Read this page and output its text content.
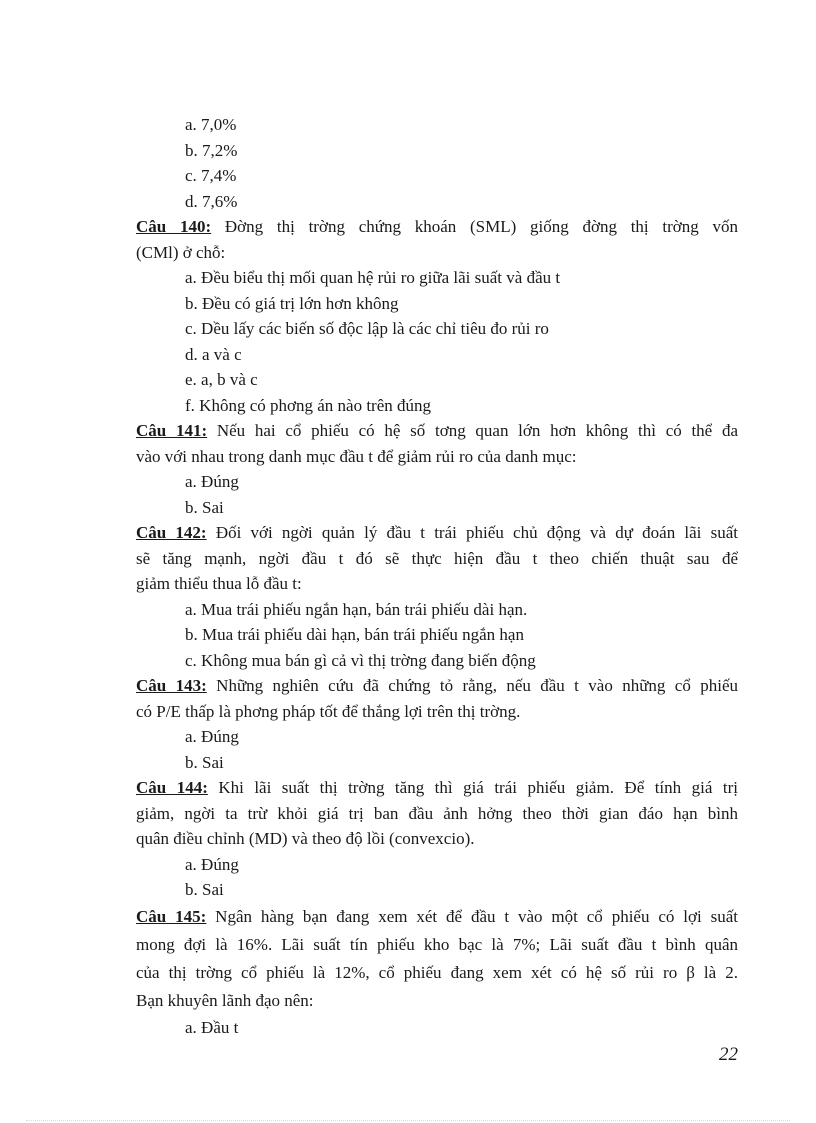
a. 7,0%
b. 7,2%
c. 7,4%
d. 7,6%
Câu 140: Đờng thị trờng chứng khoán (SML) giống đờng thị trờng vốn
(CMl) ở chỗ:
a. Đều biểu thị mối quan hệ rủi ro giữa lãi suất và đầu t
b. Đều có giá trị lớn hơn không
c. Dều lấy các biến số độc lập là các chỉ tiêu đo rủi ro
d. a và c
e. a, b và c
f. Không có phơng án nào trên đúng
Câu 141: Nếu hai cổ phiếu có hệ số tơng quan lớn hơn không thì có thể đa
vào với nhau trong danh mục đầu t để giảm rủi ro của danh mục:
a. Đúng
b. Sai
Câu 142: Đối với ngời quản lý đầu t trái phiếu chủ động và dự đoán lãi suất
sẽ tăng mạnh, ngời đầu t đó sẽ thực hiện đầu t theo chiến thuật sau để
giảm thiểu thua lỗ đầu t:
a. Mua trái phiếu ngắn hạn, bán trái phiếu dài hạn.
b. Mua trái phiếu dài hạn, bán trái phiếu ngắn hạn
c. Không mua bán gì cả vì thị trờng đang biến động
Câu 143: Những nghiên cứu đã chứng tỏ rằng, nếu đầu t vào những cổ phiếu
có P/E thấp là phơng pháp tốt để thắng lợi trên thị trờng.
a. Đúng
b. Sai
Câu 144: Khi lãi suất thị trờng tăng thì giá trái phiếu giảm. Để tính giá trị
giảm, ngời ta trừ khỏi giá trị ban đầu ảnh hởng theo thời gian đáo hạn bình
quân điều chỉnh (MD) và theo độ lồi (convexcio).
a. Đúng
b. Sai
Câu 145: Ngân hàng bạn đang xem xét để đầu t vào một cổ phiếu có lợi suất
mong đợi là 16%. Lãi suất tín phiếu kho bạc là 7%; Lãi suất đầu t bình quân
của thị trờng cổ phiếu là 12%, cổ phiếu đang xem xét có hệ số rủi ro β là 2.
Bạn khuyên lãnh đạo nên:
a. Đầu t
22
